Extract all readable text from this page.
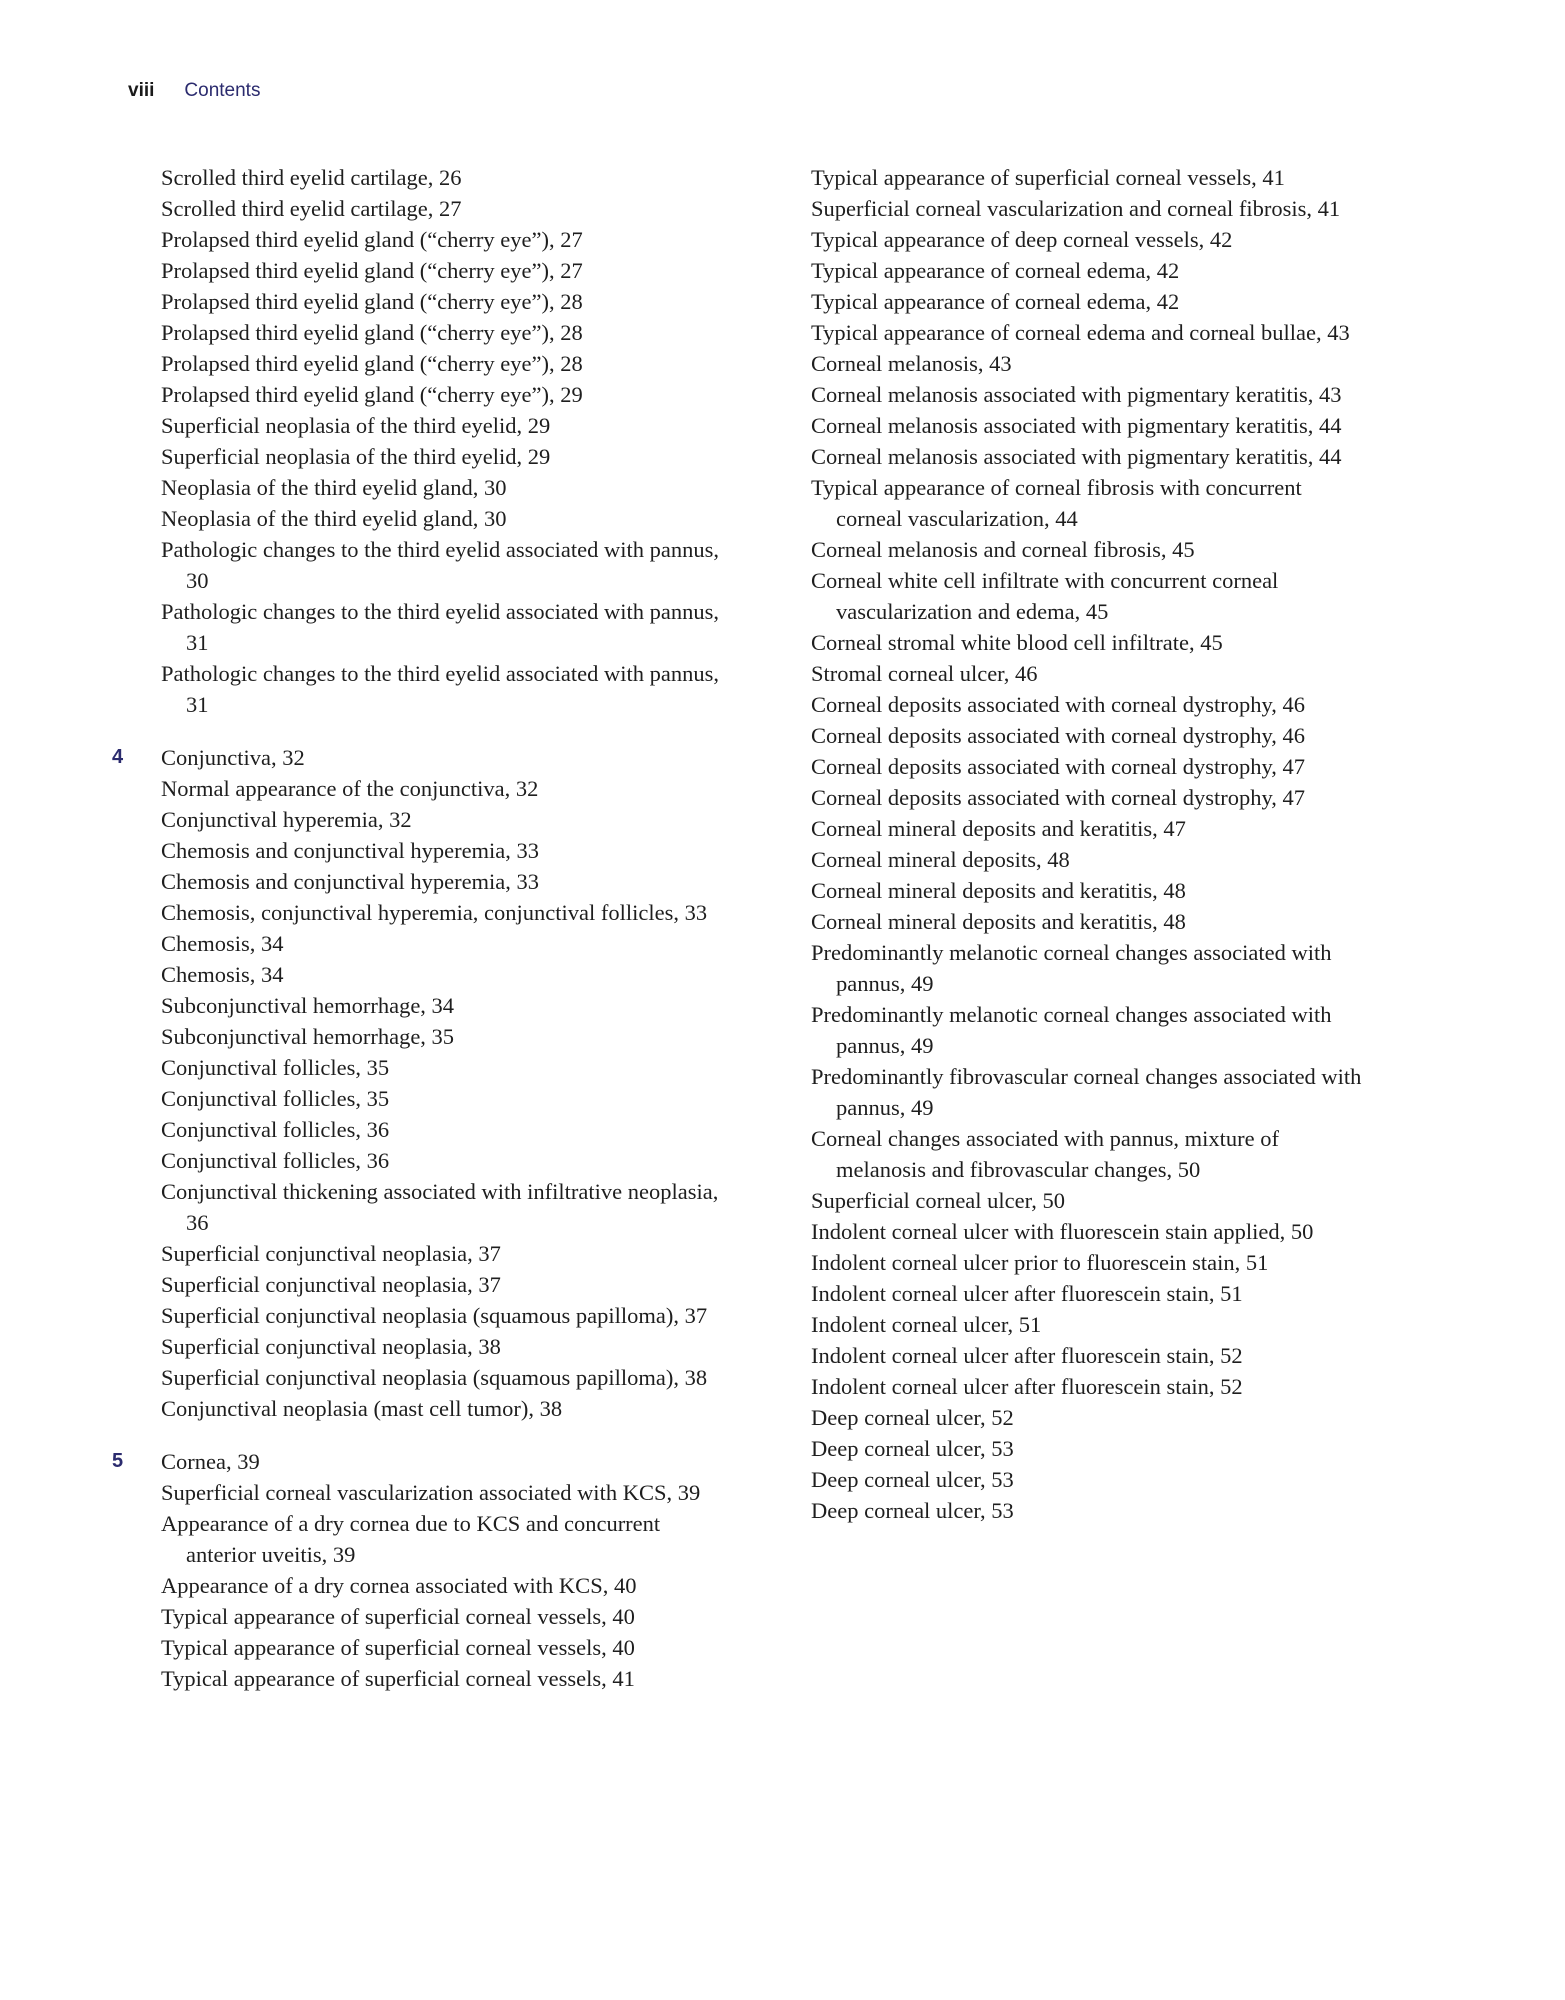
viii Contents
Scrolled third eyelid cartilage, 26
Scrolled third eyelid cartilage, 27
Prolapsed third eyelid gland (“cherry eye”), 27
Prolapsed third eyelid gland (“cherry eye”), 27
Prolapsed third eyelid gland (“cherry eye”), 28
Prolapsed third eyelid gland (“cherry eye”), 28
Prolapsed third eyelid gland (“cherry eye”), 28
Prolapsed third eyelid gland (“cherry eye”), 29
Superficial neoplasia of the third eyelid, 29
Superficial neoplasia of the third eyelid, 29
Neoplasia of the third eyelid gland, 30
Neoplasia of the third eyelid gland, 30
Pathologic changes to the third eyelid associated with pannus, 30
Pathologic changes to the third eyelid associated with pannus, 31
Pathologic changes to the third eyelid associated with pannus, 31
4	Conjunctiva, 32
Normal appearance of the conjunctiva, 32
Conjunctival hyperemia, 32
Chemosis and conjunctival hyperemia, 33
Chemosis and conjunctival hyperemia, 33
Chemosis, conjunctival hyperemia, conjunctival follicles, 33
Chemosis, 34
Chemosis, 34
Subconjunctival hemorrhage, 34
Subconjunctival hemorrhage, 35
Conjunctival follicles, 35
Conjunctival follicles, 35
Conjunctival follicles, 36
Conjunctival follicles, 36
Conjunctival thickening associated with infiltrative neoplasia, 36
Superficial conjunctival neoplasia, 37
Superficial conjunctival neoplasia, 37
Superficial conjunctival neoplasia (squamous papilloma), 37
Superficial conjunctival neoplasia, 38
Superficial conjunctival neoplasia (squamous papilloma), 38
Conjunctival neoplasia (mast cell tumor), 38
5	Cornea, 39
Superficial corneal vascularization associated with KCS, 39
Appearance of a dry cornea due to KCS and concurrent anterior uveitis, 39
Appearance of a dry cornea associated with KCS, 40
Typical appearance of superficial corneal vessels, 40
Typical appearance of superficial corneal vessels, 40
Typical appearance of superficial corneal vessels, 41
Typical appearance of superficial corneal vessels, 41
Superficial corneal vascularization and corneal fibrosis, 41
Typical appearance of deep corneal vessels, 42
Typical appearance of corneal edema, 42
Typical appearance of corneal edema, 42
Typical appearance of corneal edema and corneal bullae, 43
Corneal melanosis, 43
Corneal melanosis associated with pigmentary keratitis, 43
Corneal melanosis associated with pigmentary keratitis, 44
Corneal melanosis associated with pigmentary keratitis, 44
Typical appearance of corneal fibrosis with concurrent corneal vascularization, 44
Corneal melanosis and corneal fibrosis, 45
Corneal white cell infiltrate with concurrent corneal vascularization and edema, 45
Corneal stromal white blood cell infiltrate, 45
Stromal corneal ulcer, 46
Corneal deposits associated with corneal dystrophy, 46
Corneal deposits associated with corneal dystrophy, 46
Corneal deposits associated with corneal dystrophy, 47
Corneal deposits associated with corneal dystrophy, 47
Corneal mineral deposits and keratitis, 47
Corneal mineral deposits, 48
Corneal mineral deposits and keratitis, 48
Corneal mineral deposits and keratitis, 48
Predominantly melanotic corneal changes associated with pannus, 49
Predominantly melanotic corneal changes associated with pannus, 49
Predominantly fibrovascular corneal changes associated with pannus, 49
Corneal changes associated with pannus, mixture of melanosis and fibrovascular changes, 50
Superficial corneal ulcer, 50
Indolent corneal ulcer with fluorescein stain applied, 50
Indolent corneal ulcer prior to fluorescein stain, 51
Indolent corneal ulcer after fluorescein stain, 51
Indolent corneal ulcer, 51
Indolent corneal ulcer after fluorescein stain, 52
Indolent corneal ulcer after fluorescein stain, 52
Deep corneal ulcer, 52
Deep corneal ulcer, 53
Deep corneal ulcer, 53
Deep corneal ulcer, 53
